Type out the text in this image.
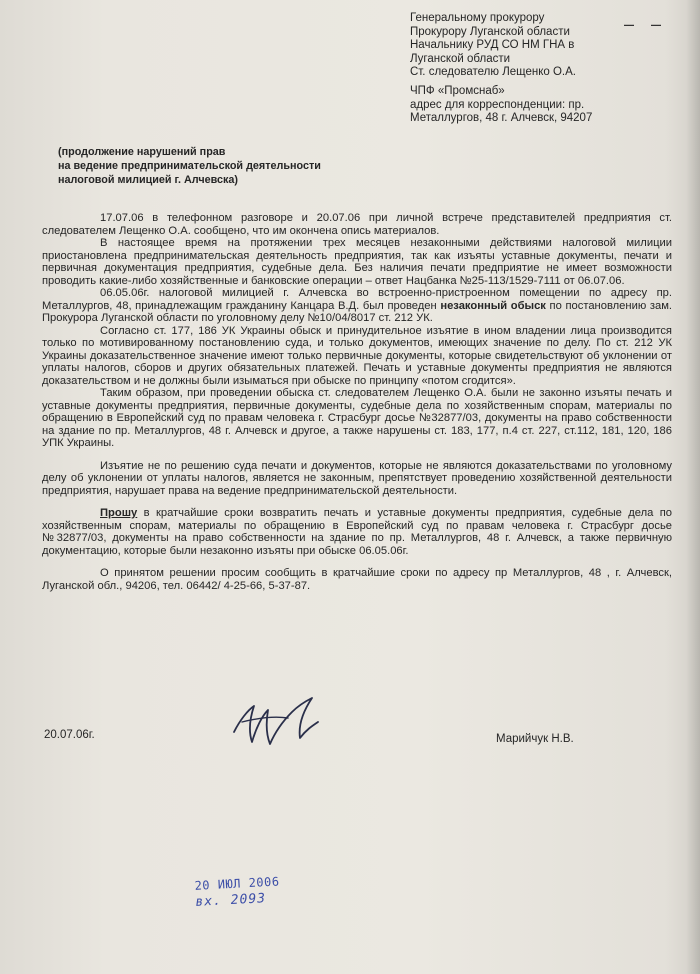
– –
Генеральному прокурору
Прокурору Луганской области
Начальнику РУД СО НМ ГНА в
Луганской области
Ст. следователю Лещенко О.А.
ЧПФ «Промснаб»
адрес для корреспонденции: пр.
Металлургов, 48 г. Алчевск, 94207
(продолжение нарушений прав
на ведение предпринимательской деятельности
налоговой милицией г. Алчевска)

17.07.06 в телефонном разговоре и 20.07.06 при личной встрече представителей предприятия ст. следователем Лещенко О.А. сообщено, что им окончена опись материалов.

В настоящее время на протяжении трех месяцев незаконными действиями налоговой милиции приостановлена предпринимательская деятельность предприятия, так как изъяты уставные документы, печати и первичная документация предприятия, судебные дела. Без наличия печати предприятие не имеет возможности проводить какие-либо хозяйственные и банковские операции – ответ Нацбанка №25-113/1529-7111 от 06.07.06.

06.05.06г. налоговой милицией г. Алчевска во встроенно-пристроенном помещении по адресу пр. Металлургов, 48, принадлежащим гражданину Канцара В.Д. был проведен незаконный обыск по постановлению зам. Прокурора Луганской области по уголовному делу №10/04/8017 ст. 212 УК.

Согласно ст. 177, 186 УК Украины обыск и принудительное изъятие в ином владении лица производится только по мотивированному постановлению суда, и только документов, имеющих значение по делу. По ст. 212 УК Украины доказательственное значение имеют только первичные документы, которые свидетельствуют об уклонении от уплаты налогов, сборов и других обязательных платежей. Печать и уставные документы предприятия не являются доказательством и не должны были изыматься при обыске по принципу «потом сгодится».

Таким образом, при проведении обыска ст. следователем Лещенко О.А. были не законно изъяты печать и уставные документы предприятия, первичные документы, судебные дела по хозяйственным спорам, материалы по обращению в Европейский суд по правам человека г. Страсбург досье №32877/03, документы на право собственности на здание по пр. Металлургов, 48 г. Алчевск и другое, а также нарушены ст. 183, 177, п.4 ст. 227, ст.112, 181, 120, 186 УПК Украины.

Изъятие не по решению суда печати и документов, которые не являются доказательствами по уголовному делу об уклонении от уплаты налогов, является не законным, препятствует проведению хозяйственной деятельности предприятия, нарушает права на ведение предпринимательской деятельности.

Прошу в кратчайшие сроки возвратить печать и уставные документы предприятия, судебные дела по хозяйственным спорам, материалы по обращению в Европейский суд по правам человека г. Страсбург досье №32877/03, документы на право собственности на здание по пр. Металлургов, 48 г. Алчевск, а также первичную документацию, которые были незаконно изъяты при обыске 06.05.06г.

О принятом решении просим сообщить в кратчайшие сроки по адресу пр Металлургов, 48 , г. Алчевск, Луганской обл., 94206, тел. 06442/ 4-25-66, 5-37-87.

20.07.06г.	Марийчук Н.В.
20 ИЮЛ 2006
вх. 2093
